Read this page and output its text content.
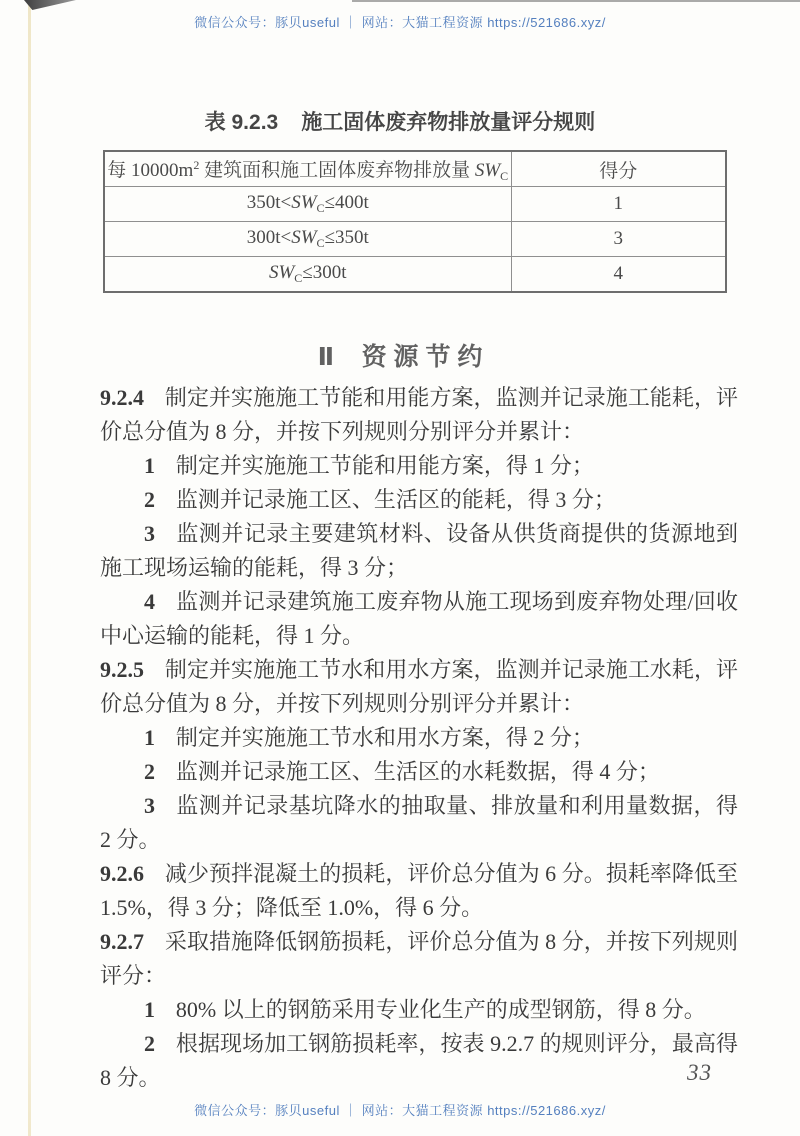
微信公众号：豚贝useful ｜ 网站：大猫工程资源 https://521686.xyz/
表 9.2.3 施工固体废弃物排放量评分规则
每 $10000m^2$ 建筑面积施工固体废弃物排放量 $SW_C$	得分
$350t<SW_C\le 400t$	1
$300t<SW_C\le 350t$	3
$SW_C\le 300t$	4
Ⅱ 资 源 节 约

9.2.4 制定并实施施工节能和用能方案，监测并记录施工能耗，评价总分值为 8 分，并按下列规则分别评分并累计：

1 制定并实施施工节能和用能方案，得 1 分；

2 监测并记录施工区、生活区的能耗，得 3 分；

3 监测并记录主要建筑材料、设备从供货商提供的货源地到施工现场运输的能耗，得 3 分；

4 监测并记录建筑施工废弃物从施工现场到废弃物处理/回收中心运输的能耗，得 1 分。

9.2.5 制定并实施施工节水和用水方案，监测并记录施工水耗，评价总分值为 8 分，并按下列规则分别评分并累计：

1 制定并实施施工节水和用水方案，得 2 分；

2 监测并记录施工区、生活区的水耗数据，得 4 分；

3 监测并记录基坑降水的抽取量、排放量和利用量数据，得 2 分。

9.2.6 减少预拌混凝土的损耗，评价总分值为 6 分。损耗率降低至 1.5%，得 3 分；降低至 1.0%，得 6 分。

9.2.7 采取措施降低钢筋损耗，评价总分值为 8 分，并按下列规则评分：

1 80% 以上的钢筋采用专业化生产的成型钢筋，得 8 分。

2 根据现场加工钢筋损耗率，按表 9.2.7 的规则评分，最高得 8 分。	33
微信公众号：豚贝useful ｜ 网站：大猫工程资源 https://521686.xyz/
